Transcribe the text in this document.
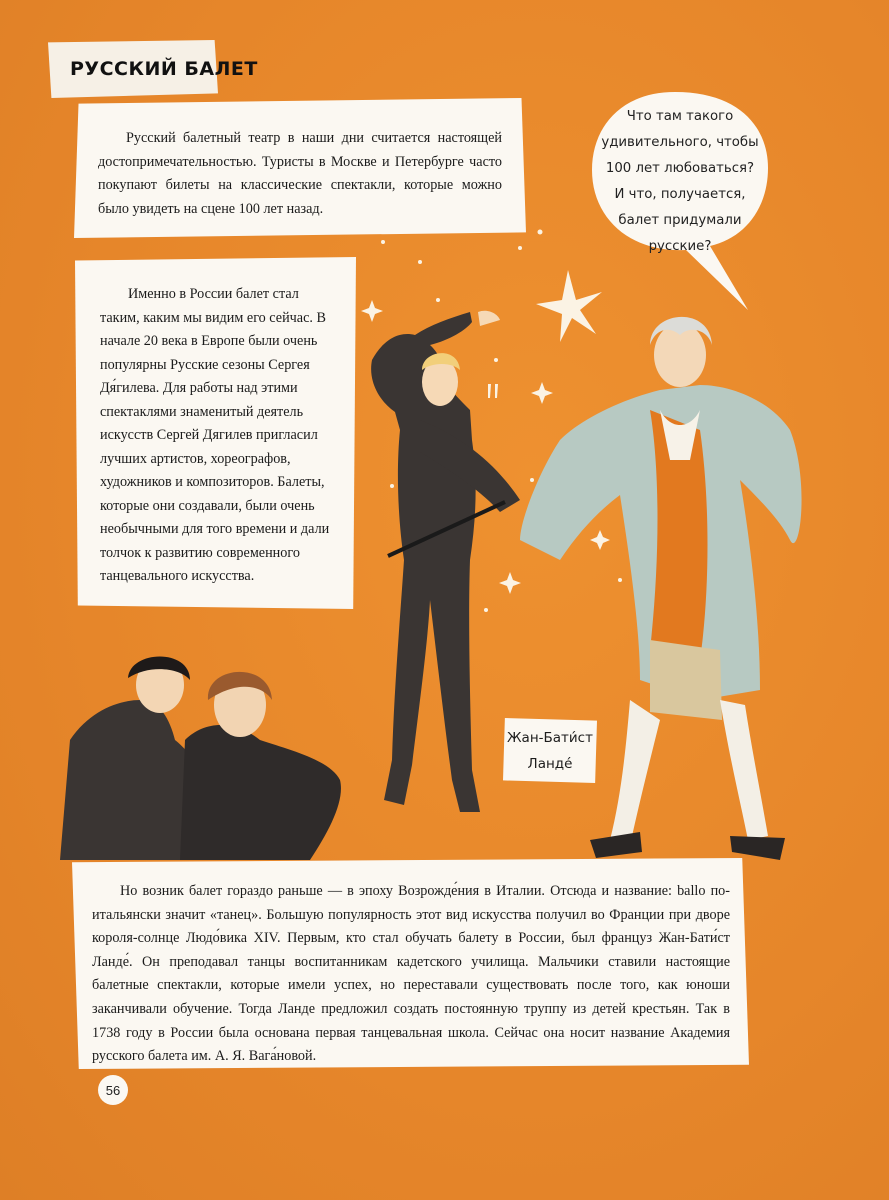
РУССКИЙ БАЛЕТ

Русский балетный театр в наши дни считается настоящей достопримечательностью. Туристы в Москве и Петербурге часто покупают билеты на классические спектакли, которые можно было увидеть на сцене 100 лет назад.

Что там такого удивительного, чтобы 100 лет любоваться? И что, получается, балет придумали русские?

Именно в России балет стал таким, каким мы видим его сейчас. В начале 20 века в Европе были очень популярны Русские сезоны Сергея Дя́гилева. Для работы над этими спектаклями знаменитый деятель искусств Сергей Дягилев пригласил лучших артистов, хореографов, художников и композиторов. Балеты, которые они создавали, были очень необычными для того времени и дали толчок к развитию современного танцевального искусства.

Жан-Бати́ст Ланде́

Но возник балет гораздо раньше — в эпоху Возрожде́ния в Италии. Отсюда и название: ballo по-итальянски значит «танец». Большую популярность этот вид искусства получил во Франции при дворе короля-солнце Людо́вика XIV. Первым, кто стал обучать балету в России, был француз Жан-Бати́ст Ланде́. Он преподавал танцы воспитанникам кадетского училища. Мальчики ставили настоящие балетные спектакли, которые имели успех, но переставали существовать после того, как юноши заканчивали обучение. Тогда Ланде предложил создать постоянную труппу из детей крестьян. Так в 1738 году в России была основана первая танцевальная школа. Сейчас она носит название Академия русского балета им. А. Я. Вага́новой.

56
